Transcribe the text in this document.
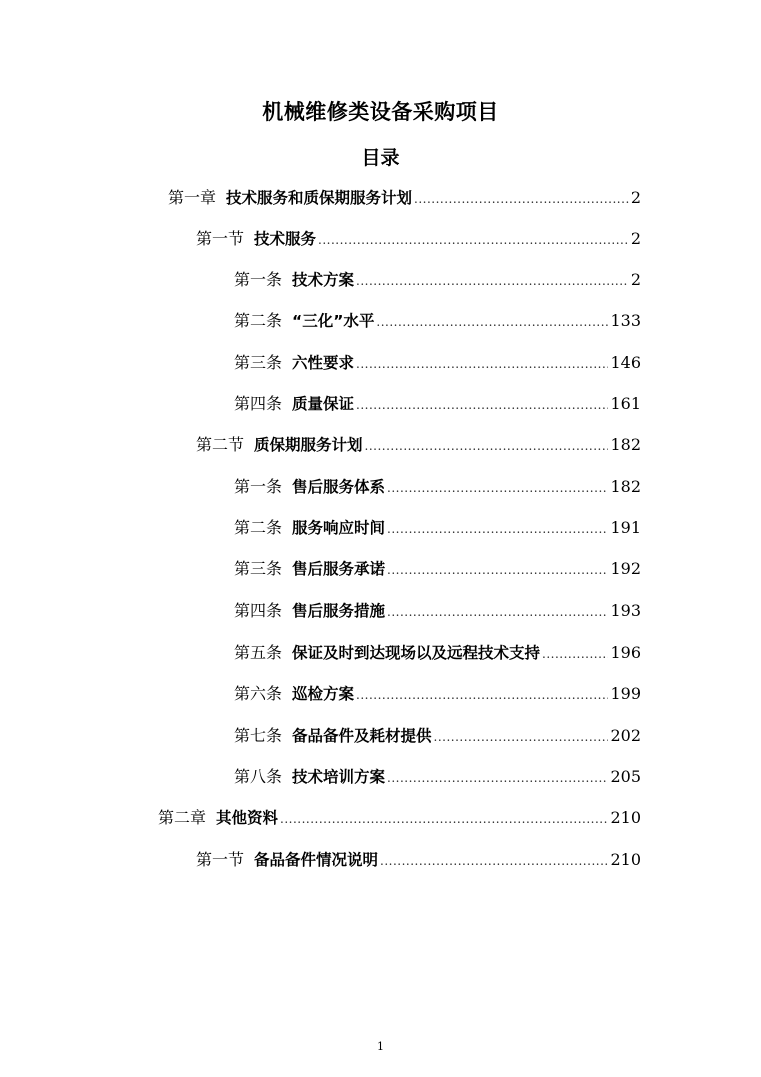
机械维修类设备采购项目
目录
第一章 技术服务和质保期服务计划 .....	2
第一节 技术服务 .....	2
第一条 技术方案 .....	2
第二条 “三化”水平 .....	133
第三条 六性要求 .....	146
第四条 质量保证 .....	161
第二节 质保期服务计划 .....	182
第一条 售后服务体系 .....	182
第二条 服务响应时间 .....	191
第三条 售后服务承诺 .....	192
第四条 售后服务措施 .....	193
第五条 保证及时到达现场以及远程技术支持 .....	196
第六条 巡检方案 .....	199
第七条 备品备件及耗材提供 .....	202
第八条 技术培训方案 .....	205
第二章 其他资料 .....	210
第一节 备品备件情况说明 .....	210
1
